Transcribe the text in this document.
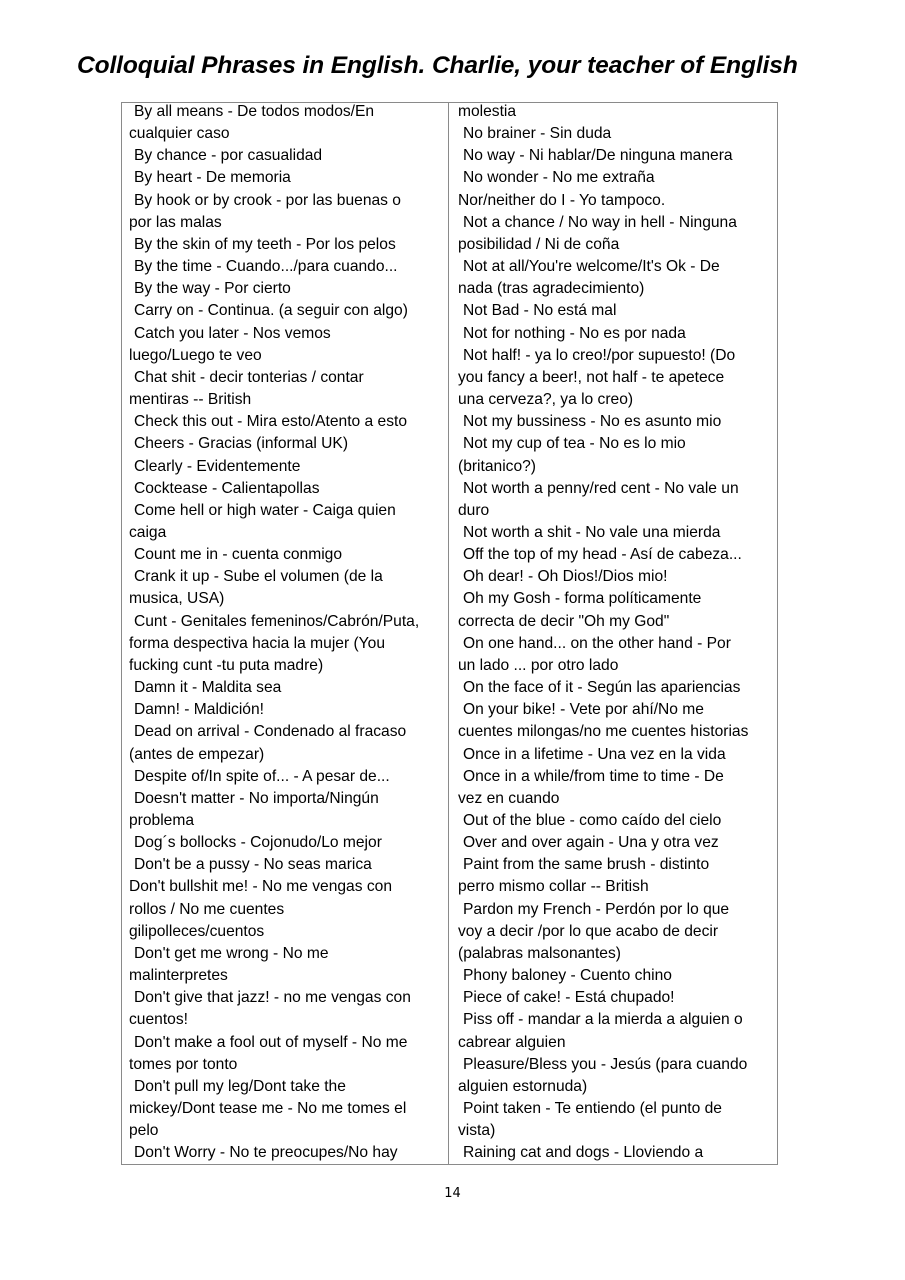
Colloquial Phrases in English. Charlie, your teacher of English
By all means - De todos modos/En
cualquier caso
By chance - por casualidad
By heart - De memoria
By hook or by crook - por las buenas o
por las malas
By the skin of my teeth - Por los pelos
By the time - Cuando.../para cuando...
By the way - Por cierto
Carry on - Continua. (a seguir con algo)
Catch you later - Nos vemos
luego/Luego te veo
Chat shit - decir tonterias / contar
mentiras -- British
Check this out - Mira esto/Atento a esto
Cheers - Gracias (informal UK)
Clearly - Evidentemente
Cocktease - Calientapollas
Come hell or high water - Caiga quien
caiga
Count me in - cuenta conmigo
Crank it up - Sube el volumen (de la
musica, USA)
Cunt - Genitales femeninos/Cabrón/Puta,
forma despectiva hacia la mujer (You
fucking cunt -tu puta madre)
Damn it - Maldita sea
Damn! - Maldición!
Dead on arrival - Condenado al fracaso
(antes de empezar)
Despite of/In spite of... - A pesar de...
Doesn't matter - No importa/Ningún
problema
Dog´s bollocks - Cojonudo/Lo mejor
Don't be a pussy - No seas marica
Don't bullshit me! - No me vengas con
rollos / No me cuentes
gilipolleces/cuentos
Don't get me wrong - No me
malinterpretes
Don't give that jazz! - no me vengas con
cuentos!
Don't make a fool out of myself - No me
tomes por tonto
Don't pull my leg/Dont take the
mickey/Dont tease me - No me tomes el
pelo
Don't Worry - No te preocupes/No hay
molestia
No brainer - Sin duda
No way - Ni hablar/De ninguna manera
No wonder - No me extraña
Nor/neither do I - Yo tampoco.
Not a chance / No way in hell - Ninguna
posibilidad / Ni de coña
Not at all/You're welcome/It's Ok - De
nada (tras agradecimiento)
Not Bad - No está mal
Not for nothing - No es por nada
Not half! - ya lo creo!/por supuesto! (Do
you fancy a beer!, not half - te apetece
una cerveza?, ya lo creo)
Not my bussiness - No es asunto mio
Not my cup of tea - No es lo mio
(britanico?)
Not worth a penny/red cent - No vale un
duro
Not worth a shit - No vale una mierda
Off the top of my head - Así de cabeza...
Oh dear! - Oh Dios!/Dios mio!
Oh my Gosh - forma políticamente
correcta de decir "Oh my God"
On one hand... on the other hand - Por
un lado ... por otro lado
On the face of it - Según las apariencias
On your bike! - Vete por ahí/No me
cuentes milongas/no me cuentes historias
Once in a lifetime - Una vez en la vida
Once in a while/from time to time - De
vez en cuando
Out of the blue - como caído del cielo
Over and over again - Una y otra vez
Paint from the same brush - distinto
perro mismo collar -- British
Pardon my French - Perdón por lo que
voy a decir /por lo que acabo de decir
(palabras malsonantes)
Phony baloney - Cuento chino
Piece of cake! - Está chupado!
Piss off - mandar a la mierda a alguien o
cabrear alguien
Pleasure/Bless you - Jesús (para cuando
alguien estornuda)
Point taken - Te entiendo (el punto de
vista)
Raining cat and dogs - Lloviendo a
14
